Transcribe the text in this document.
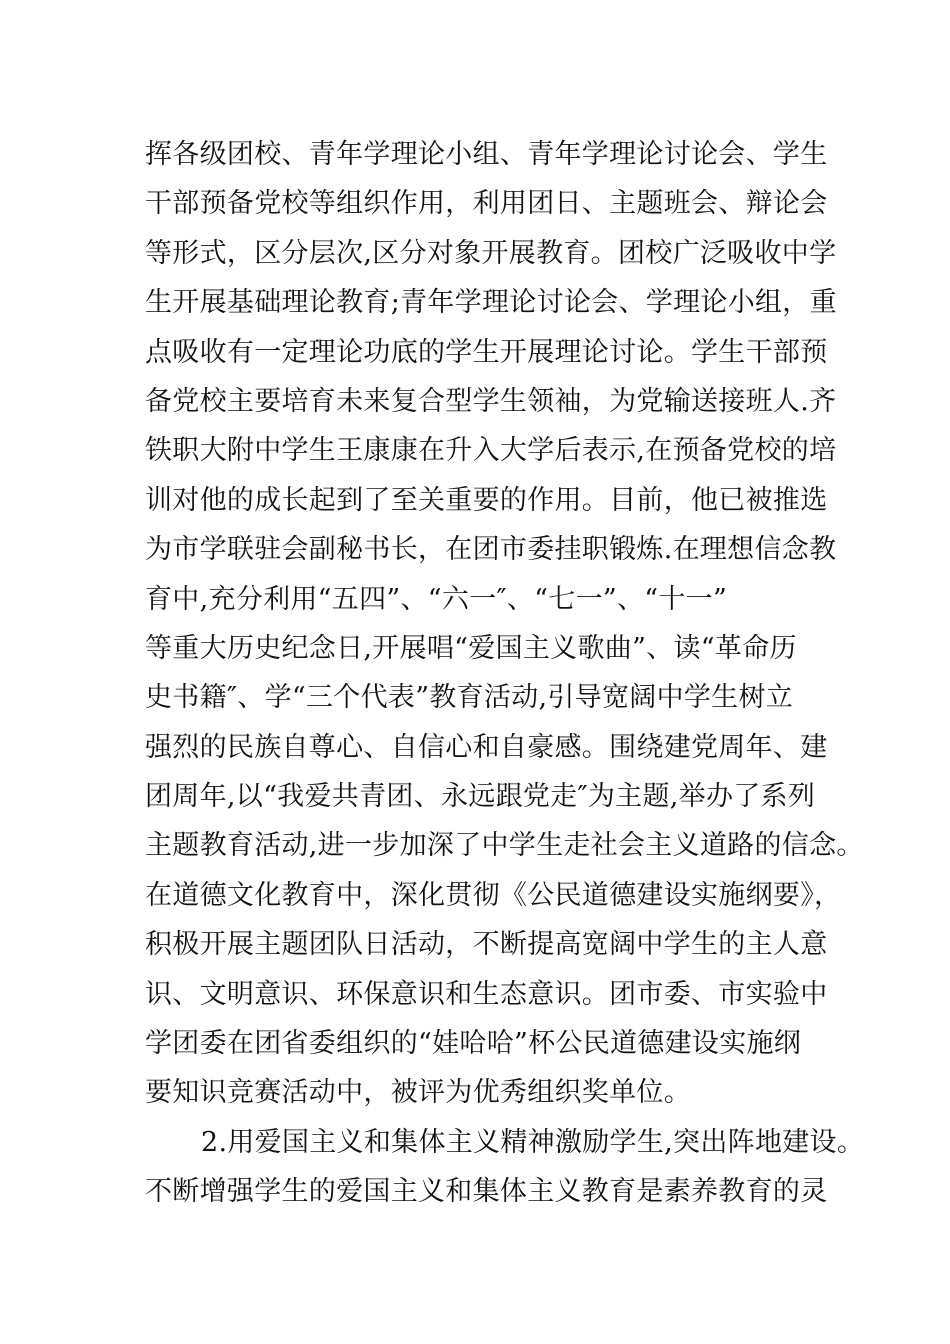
挥各级团校、青年学理论小组、青年学理论讨论会、学生
干部预备党校等组织作用，利用团日、主题班会、辩论会
等形式，区分层次,区分对象开展教育。团校广泛吸收中学
生开展基础理论教育;青年学理论讨论会、学理论小组，重
点吸收有一定理论功底的学生开展理论讨论。学生干部预
备党校主要培育未来复合型学生领袖，为党输送接班人.齐
铁职大附中学生王康康在升入大学后表示,在预备党校的培
训对他的成长起到了至关重要的作用。目前，他已被推选
为市学联驻会副秘书长，在团市委挂职锻炼.在理想信念教
育中,充分利用“五四”、“六一″、“七一”、“十一”
等重大历史纪念日,开展唱“爱国主义歌曲”、读“革命历
史书籍″、学“三个代表”教育活动,引导宽阔中学生树立
强烈的民族自尊心、自信心和自豪感。围绕建党周年、建
团周年,以“我爱共青团、永远跟党走″为主题,举办了系列
主题教育活动,进一步加深了中学生走社会主义道路的信念。
在道德文化教育中，深化贯彻《公民道德建设实施纲要》，
积极开展主题团队日活动，不断提高宽阔中学生的主人意
识、文明意识、环保意识和生态意识。团市委、市实验中
学团委在团省委组织的“娃哈哈”杯公民道德建设实施纲
要知识竞赛活动中，被评为优秀组织奖单位。
2.用爱国主义和集体主义精神激励学生,突出阵地建设。
不断增强学生的爱国主义和集体主义教育是素养教育的灵
